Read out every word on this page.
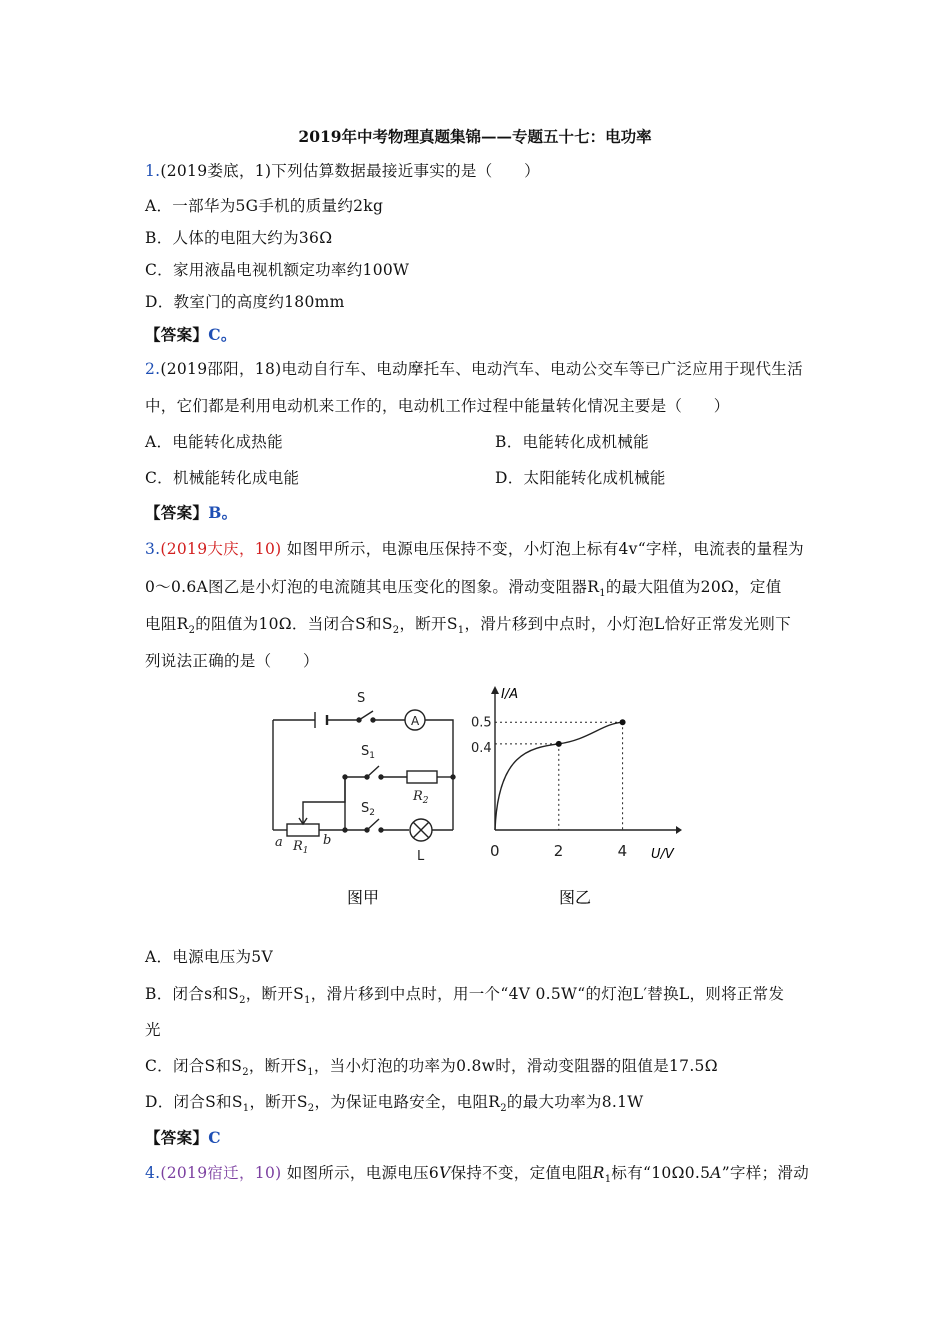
2019年中考物理真题集锦——专题五十七：电功率
1.(2019娄底，1)下列估算数据最接近事实的是（　　）
A．一部华为5G手机的质量约2kg
B．人体的电阻大约为36Ω
C．家用液晶电视机额定功率约100W
D．教室门的高度约180mm
【答案】C。
2.(2019邵阳，18)电动自行车、电动摩托车、电动汽车、电动公交车等已广泛应用于现代生活
中，它们都是利用电动机来工作的，电动机工作过程中能量转化情况主要是（　　）
A．电能转化成热能	B．电能转化成机械能
C．机械能转化成电能	D．太阳能转化成机械能
【答案】B。
3.(2019大庆，10) 如图甲所示，电源电压保持不变，小灯泡上标有4v“字样，电流表的量程为
0～0.6A图乙是小灯泡的电流随其电压变化的图象。滑动变阻器$R_1$的最大阻值为20Ω，定值
电阻$R_2$的阻值为10Ω．当闭合S和$S_2$，断开$S_1$，滑片移到中点时，小灯泡L恰好正常发光则下
列说法正确的是（　　）
S
A
$S_1$
$R_2$
$S_2$
a $R_1$
b
L
图甲
I/A
U/V
0	2	4
0.4
0.5
图乙
A．电源电压为5V
B．闭合s和$S_2$，断开$S_1$，滑片移到中点时，用一个“4V 0.5W“的灯泡L′替换L，则将正常发
光
C．闭合S和$S_2$，断开$S_1$，当小灯泡的功率为0.8w时，滑动变阻器的阻值是17.5Ω
D．闭合S和$S_1$，断开$S_2$，为保证电路安全，电阻$R_2$的最大功率为8.1W
【答案】C
4.(2019宿迁，10) 如图所示，电源电压6V保持不变，定值电阻$R_1$标有“10Ω0.5A”字样；滑动
